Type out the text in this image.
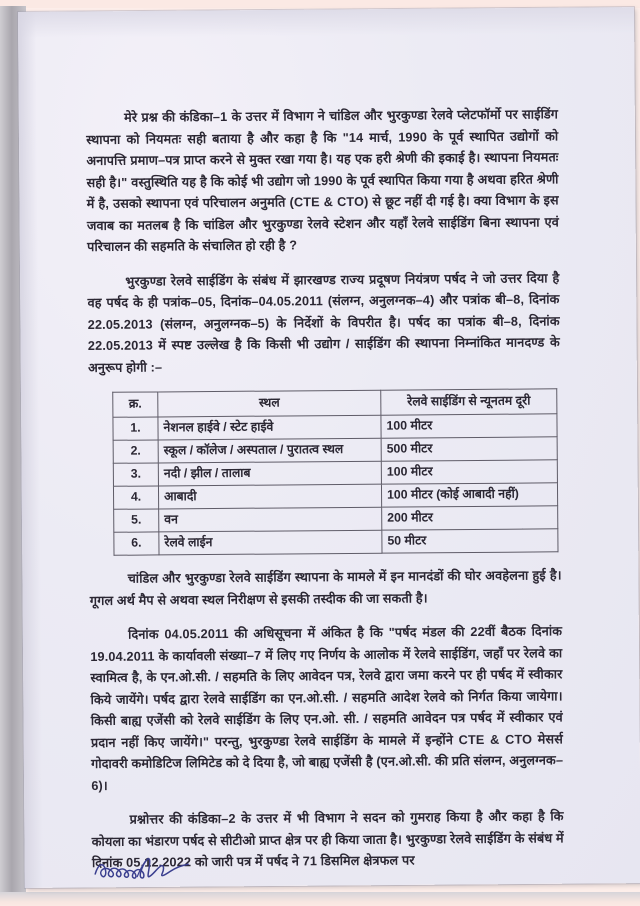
मेरे प्रश्न की कंडिका–1 के उत्तर में विभाग ने चांडिल और भुरकुण्डा रेलवे प्लेटफॉर्मो पर साईडिंग स्थापना को नियमतः सही बताया है और कहा है कि "14 मार्च, 1990 के पूर्व स्थापित उद्योगों को अनापत्ति प्रमाण–पत्र प्राप्त करने से मुक्त रखा गया है। यह एक हरी श्रेणी की इकाई है। स्थापना नियमतः सही है।" वस्तुस्थिति यह है कि कोई भी उद्योग जो 1990 के पूर्व स्थापित किया गया है अथवा हरित श्रेणी में है, उसको स्थापना एवं परिचालन अनुमति (CTE & CTO) से छूट नहीं दी गई है। क्या विभाग के इस जवाब का मतलब है कि चांडिल और भुरकुण्डा रेलवे स्टेशन और यहाँ रेलवे साईडिंग बिना स्थापना एवं परिचालन की सहमति के संचालित हो रही है ?

भुरकुण्डा रेलवे साईडिंग के संबंध में झारखण्ड राज्य प्रदूषण नियंत्रण पर्षद ने जो उत्तर दिया है वह पर्षद के ही पत्रांक–05, दिनांक–04.05.2011 (संलग्न, अनुलग्नक–4) और पत्रांक बी–8, दिनांक 22.05.2013 (संलग्न, अनुलग्नक–5) के निर्देशों के विपरीत है। पर्षद का पत्रांक बी–8, दिनांक 22.05.2013 में स्पष्ट उल्लेख है कि किसी भी उद्योग / साईडिंग की स्थापना निम्नांकित मानदण्ड के अनुरूप होगी :–

क्र.	स्थल	रेलवे साईडिंग से न्यूनतम दूरी
1.	नेशनल हाईवे / स्टेट हाईवे	100 मीटर
2.	स्कूल / कॉलेज / अस्पताल / पुरातत्व स्थल	500 मीटर
3.	नदी / झील / तालाब	100 मीटर
4.	आबादी	100 मीटर (कोई आबादी नहीं)
5.	वन	200 मीटर
6.	रेलवे लाईन	50 मीटर

चांडिल और भुरकुण्डा रेलवे साईडिंग स्थापना के मामले में इन मानदंडों की घोर अवहेलना हुई है। गूगल अर्थ मैप से अथवा स्थल निरीक्षण से इसकी तस्दीक की जा सकती है।

दिनांक 04.05.2011 की अधिसूचना में अंकित है कि "पर्षद मंडल की 22वीं बैठक दिनांक 19.04.2011 के कार्यावली संख्या–7 में लिए गए निर्णय के आलोक में रेलवे साईडिंग, जहाँ पर रेलवे का स्वामित्व है, के एन.ओ.सी. / सहमति के लिए आवेदन पत्र, रेलवे द्वारा जमा करने पर ही पर्षद में स्वीकार किये जायेंगे। पर्षद द्वारा रेलवे साईडिंग का एन.ओ.सी. / सहमति आदेश रेलवे को निर्गत किया जायेगा। किसी बाह्य एजेंसी को रेलवे साईडिंग के लिए एन.ओ. सी. / सहमति आवेदन पत्र पर्षद में स्वीकार एवं प्रदान नहीं किए जायेंगे।" परन्तु, भुरकुण्डा रेलवे साईडिंग के मामले में इन्होंने CTE & CTO मेसर्स गोदावरी कमोडिटिज लिमिटेड को दे दिया है, जो बाह्य एजेंसी है (एन.ओ.सी. की प्रति संलग्न, अनुलग्नक–6)।

प्रश्नोत्तर की कंडिका–2 के उत्तर में भी विभाग ने सदन को गुमराह किया है और कहा है कि कोयला का भंडारण पर्षद से सीटीओ प्राप्त क्षेत्र पर ही किया जाता है। भुरकुण्डा रेलवे साईडिंग के संबंध में दिनांक 05.12.2022 को जारी पत्र में पर्षद ने 71 डिसमिल क्षेत्रफल पर
